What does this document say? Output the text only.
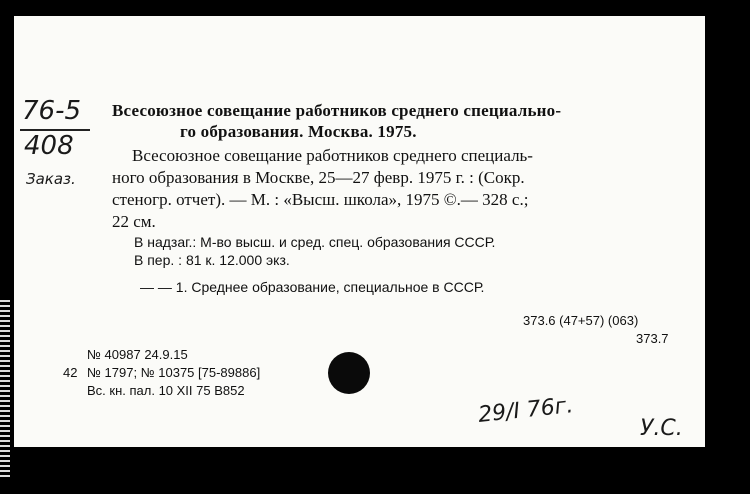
76-5
408
Заказ.
Всесоюзное совещание работников среднего специально-
го образования. Москва. 1975.
Всесоюзное совещание работников среднего специаль-
ного образования в Москве, 25—27 февр. 1975 г. : (Сокр.
стеногр. отчет). — М. : «Высш. школа», 1975 ©.— 328 с.;
22 см.
В надзаг.: М-во высш. и сред. спец. образования СССР.
В пер. : 81 к. 12.000 экз.
— — 1. Среднее образование, специальное в СССР.
373.6 (47+57) (063)
373.7
№ 40987 24.9.15
42 № 1797; № 10375 [75-89886]
Вс. кн. пал. 10 XII 75 В852
29/I 76г.
У.С.
